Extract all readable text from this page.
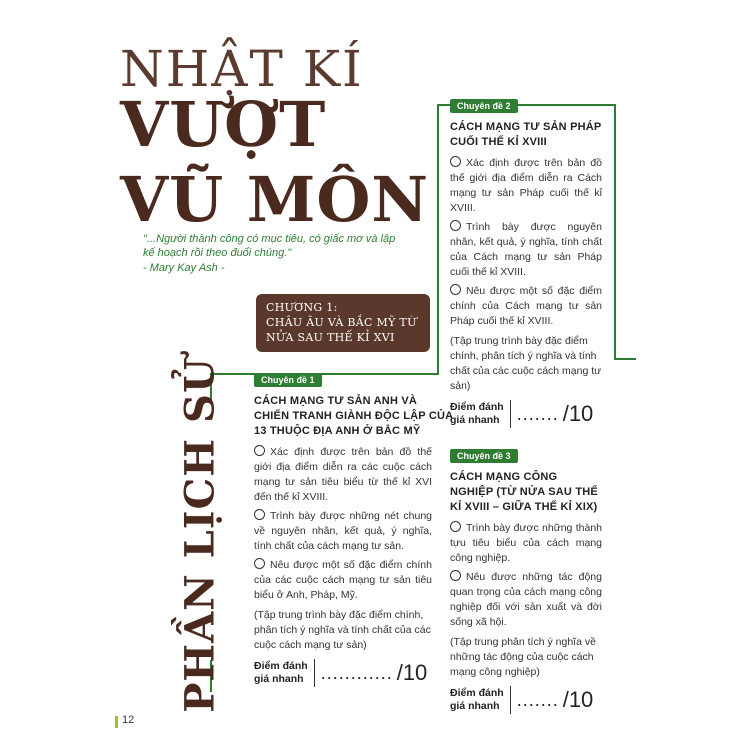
NHẬT KÍ
VƯỢT
VŨ MÔN
"...Người thành công có mục tiêu, có giấc mơ và lập kế hoạch rồi theo đuổi chúng."
- Mary Kay Ash -
CHƯƠNG 1:
CHÂU ÂU VÀ BẮC MỸ TỪ
NỬA SAU THẾ KỈ XVI
PHẦN LỊCH SỬ	Chuyên đề 1
CÁCH MẠNG TƯ SẢN ANH VÀ CHIẾN TRANH GIÀNH ĐỘC LẬP CỦA 13 THUỘC ĐỊA ANH Ở BẮC MỸ
Xác định được trên bản đồ thế giới địa điểm diễn ra các cuộc cách mạng tư sản tiêu biểu từ thế kỉ XVI đến thế kỉ XVIII.
Trình bày được những nét chung về nguyên nhân, kết quả, ý nghĩa, tính chất của cách mạng tư sản.
Nêu được một số đặc điểm chính của các cuộc cách mạng tư sản tiêu biểu ở Anh, Pháp, Mỹ.
(Tập trung trình bày đặc điểm chính, phân tích ý nghĩa và tính chất của các cuộc cách mạng tư sản)
Điểm đánh
giá nhanh ............ /10
Chuyên đề 2
CÁCH MẠNG TƯ SẢN PHÁP CUỐI THẾ KỈ XVIII
Xác định được trên bản đồ thế giới địa điểm diễn ra Cách mạng tư sản Pháp cuối thế kỉ XVIII.
Trình bày được nguyên nhân, kết quả, ý nghĩa, tính chất của Cách mạng tư sản Pháp cuối thế kỉ XVIII.
Nêu được một số đặc điểm chính của Cách mạng tư sản Pháp cuối thế kỉ XVIII.
(Tập trung trình bày đặc điểm chính, phân tích ý nghĩa và tính chất của các cuộc cách mạng tư sản)
Điểm đánh
giá nhanh ....... /10
Chuyên đề 3
CÁCH MẠNG CÔNG NGHIỆP (TỪ NỬA SAU THẾ KỈ XVIII – GIỮA THẾ KỈ XIX)
Trình bày được những thành tựu tiêu biểu của cách mạng công nghiệp.
Nêu được những tác động quan trọng của cách mạng công nghiệp đối với sản xuất và đời sống xã hội.
(Tập trung phân tích ý nghĩa về những tác động của cuộc cách mạng công nghiệp)
Điểm đánh
giá nhanh ....... /10
12
